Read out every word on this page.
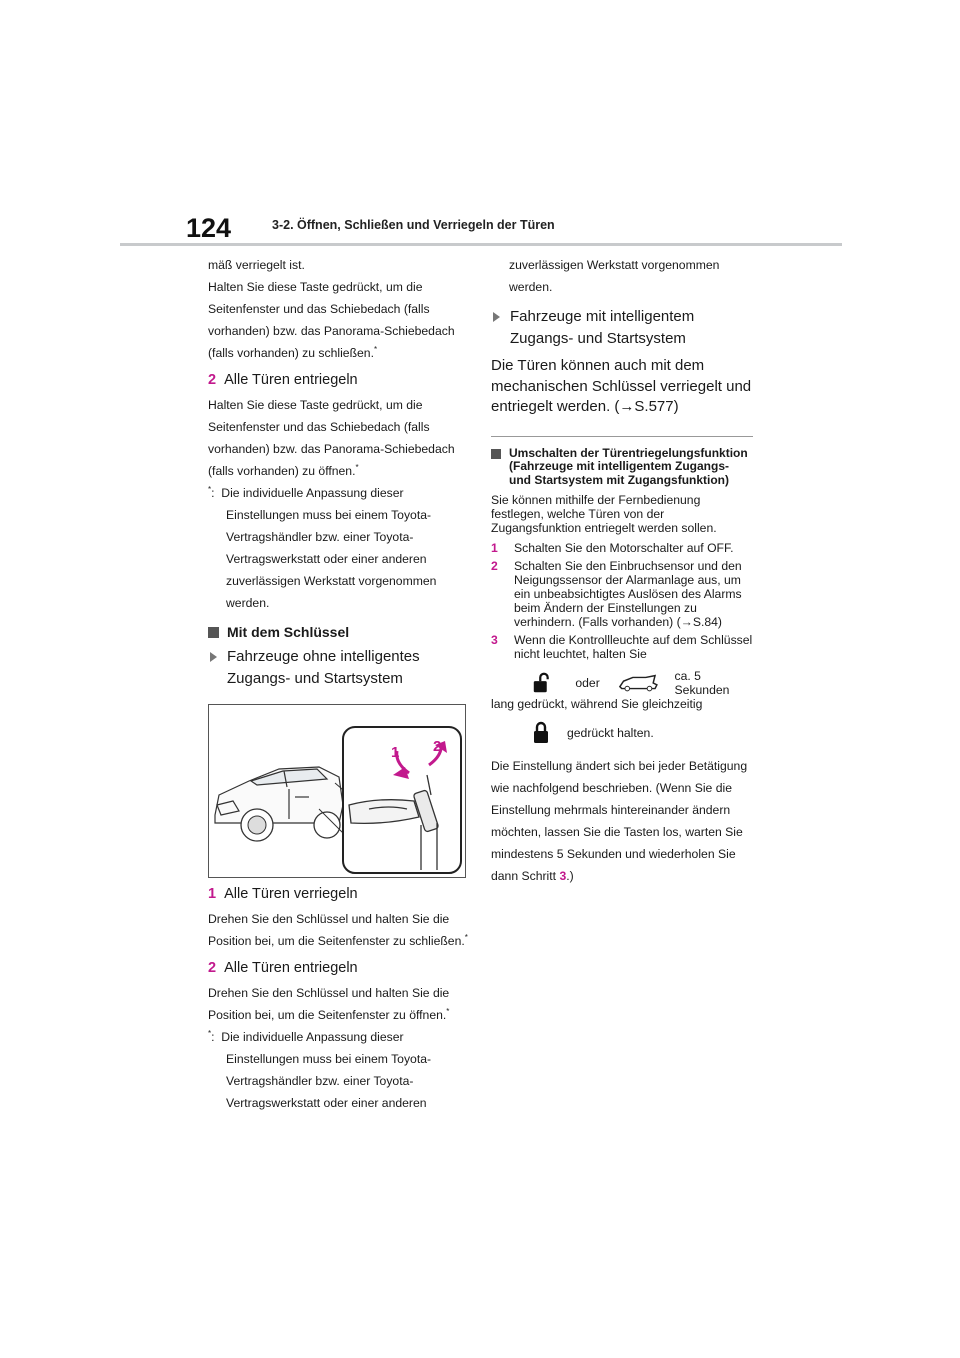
124	3-2. Öffnen, Schließen und Verriegeln der Türen

mäß verriegelt ist.

Halten Sie diese Taste gedrückt, um die Seitenfenster und das Schiebedach (falls vorhanden) bzw. das Panorama-Schiebedach (falls vorhanden) zu schließen.*

2 Alle Türen entriegeln

Halten Sie diese Taste gedrückt, um die Seitenfenster und das Schiebedach (falls vorhanden) bzw. das Panorama-Schiebedach (falls vorhanden) zu öffnen.*

*: Die individuelle Anpassung dieser Einstellungen muss bei einem Toyota-Vertragshändler bzw. einer Toyota-Vertragswerkstatt oder einer anderen zuverlässigen Werkstatt vorgenommen werden.

Mit dem Schlüssel
Fahrzeuge ohne intelligentes Zugangs- und Startsystem
1 2
1 Alle Türen verriegeln

Drehen Sie den Schlüssel und halten Sie die Position bei, um die Seitenfenster zu schließen.*

2 Alle Türen entriegeln

Drehen Sie den Schlüssel und halten Sie die Position bei, um die Seitenfenster zu öffnen.*

*: Die individuelle Anpassung dieser Einstellungen muss bei einem Toyota-Vertragshändler bzw. einer Toyota-Vertragswerkstatt oder einer anderen

zuverlässigen Werkstatt vorgenommen werden.

Fahrzeuge mit intelligentem Zugangs- und Startsystem

Die Türen können auch mit dem mechanischen Schlüssel verriegelt und entriegelt werden. (→S.577)

Umschalten der Türentriegelungsfunktion (Fahrzeuge mit intelligentem Zugangs- und Startsystem mit Zugangsfunktion)

Sie können mithilfe der Fernbedienung festlegen, welche Türen von der Zugangsfunktion entriegelt werden sollen.

1	Schalten Sie den Motorschalter auf OFF.
2	Schalten Sie den Einbruchsensor und den Neigungssensor der Alarmanlage aus, um ein unbeabsichtigtes Auslösen des Alarms beim Ändern der Einstellungen zu verhindern. (Falls vorhanden) (→S.84)
3	Wenn die Kontrollleuchte auf dem Schlüssel nicht leuchtet, halten Sie
oder	ca. 5 Sekunden

lang gedrückt, während Sie gleichzeitig

gedrückt halten.

Die Einstellung ändert sich bei jeder Betätigung wie nachfolgend beschrieben. (Wenn Sie die Einstellung mehrmals hintereinander ändern möchten, lassen Sie die Tasten los, warten Sie mindestens 5 Sekunden und wiederholen Sie dann Schritt 3.)
